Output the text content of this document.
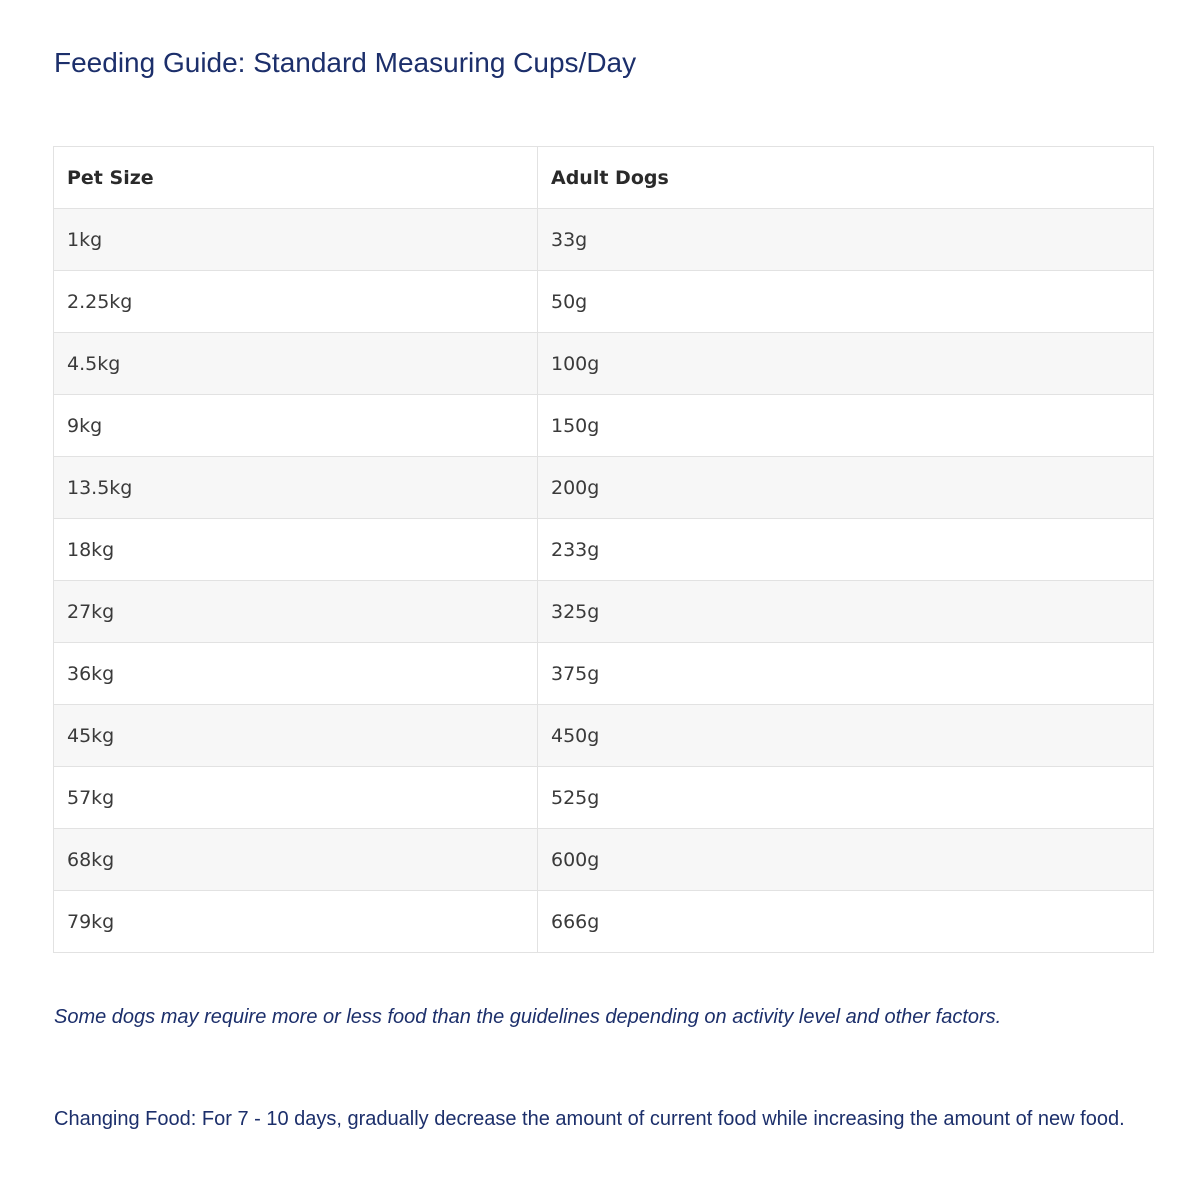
Feeding Guide: Standard Measuring Cups/Day
Pet Size	Adult Dogs
1kg	33g
2.25kg	50g
4.5kg	100g
9kg	150g
13.5kg	200g
18kg	233g
27kg	325g
36kg	375g
45kg	450g
57kg	525g
68kg	600g
79kg	666g

Some dogs may require more or less food than the guidelines depending on activity level and other factors.

Changing Food: For 7 - 10 days, gradually decrease the amount of current food while increasing the amount of new food.
